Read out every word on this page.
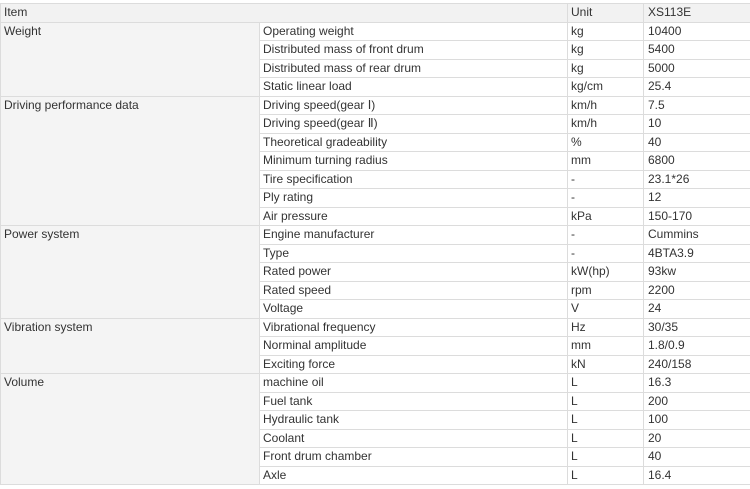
Item		Unit	XS113E
Weight	Operating weight	kg	10400
	Distributed mass of front drum	kg	5400
	Distributed mass of rear drum	kg	5000
	Static linear load	kg/cm	25.4
Driving performance data	Driving speed(gear Ⅰ)	km/h	7.5
	Driving speed(gear Ⅱ)	km/h	10
	Theoretical gradeability	%	40
	Minimum turning radius	mm	6800
	Tire specification	-	23.1*26
	Ply rating	-	12
	Air pressure	kPa	150-170
Power system	Engine manufacturer	-	Cummins
	Type	-	4BTA3.9
	Rated power	kW(hp)	93kw
	Rated speed	rpm	2200
	Voltage	V	24
Vibration system	Vibrational frequency	Hz	30/35
	Norminal amplitude	mm	1.8/0.9
	Exciting force	kN	240/158
Volume	machine oil	L	16.3
	Fuel tank	L	200
	Hydraulic tank	L	100
	Coolant	L	20
	Front drum chamber	L	40
	Axle	L	16.4
